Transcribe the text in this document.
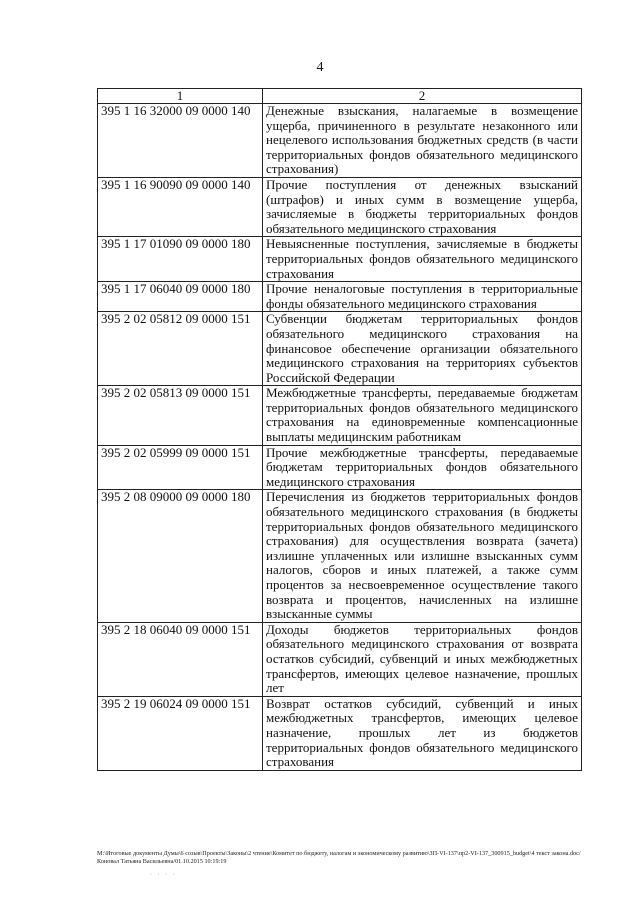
4
1	2
395 1 16 32000 09 0000 140	Денежные взыскания, налагаемые в возмещение ущерба, причиненного в результате незаконного или нецелевого использования бюджетных средств (в части территориальных фондов обязательного медицинского страхования)
395 1 16 90090 09 0000 140	Прочие поступления от денежных взысканий (штрафов) и иных сумм в возмещение ущерба, зачисляемые в бюджеты территориальных фондов обязательного медицинского страхования
395 1 17 01090 09 0000 180	Невыясненные поступления, зачисляемые в бюджеты территориальных фондов обязательного медицинского страхования
395 1 17 06040 09 0000 180	Прочие неналоговые поступления в территориальные фонды обязательного медицинского страхования
395 2 02 05812 09 0000 151	Субвенции бюджетам территориальных фондов обязательного медицинского страхования на финансовое обеспечение организации обязательного медицинского страхования на территориях субъектов Российской Федерации
395 2 02 05813 09 0000 151	Межбюджетные трансферты, передаваемые бюджетам территориальных фондов обязательного медицинского страхования на единовременные компенсационные выплаты медицинским работникам
395 2 02 05999 09 0000 151	Прочие межбюджетные трансферты, передаваемые бюджетам территориальных фондов обязательного медицинского страхования
395 2 08 09000 09 0000 180	Перечисления из бюджетов территориальных фондов обязательного медицинского страхования (в бюджеты территориальных фондов обязательного медицинского страхования) для осуществления возврата (зачета) излишне уплаченных или излишне взысканных сумм налогов, сборов и иных платежей, а также сумм процентов за несвоевременное осуществление такого возврата и процентов, начисленных на излишне взысканные суммы
395 2 18 06040 09 0000 151	Доходы бюджетов территориальных фондов обязательного медицинского страхования от возврата остатков субсидий, субвенций и иных межбюджетных трансфертов, имеющих целевое назначение, прошлых лет
395 2 19 06024 09 0000 151	Возврат остатков субсидий, субвенций и иных межбюджетных трансфертов, имеющих целевое назначение, прошлых лет из бюджетов территориальных фондов обязательного медицинского страхования
M:\Итоговые документы Думы\6 созыв\Проекты\Законы\2 чтение\Комитет по бюджету, налогам и экономическому развитию\ЗП-VI-137\пр2-VI-137_300915_budget\4 текст закона.doc/Коновал Татьяна Васильевна/01.10.2015 10:19:19
· · · ·
